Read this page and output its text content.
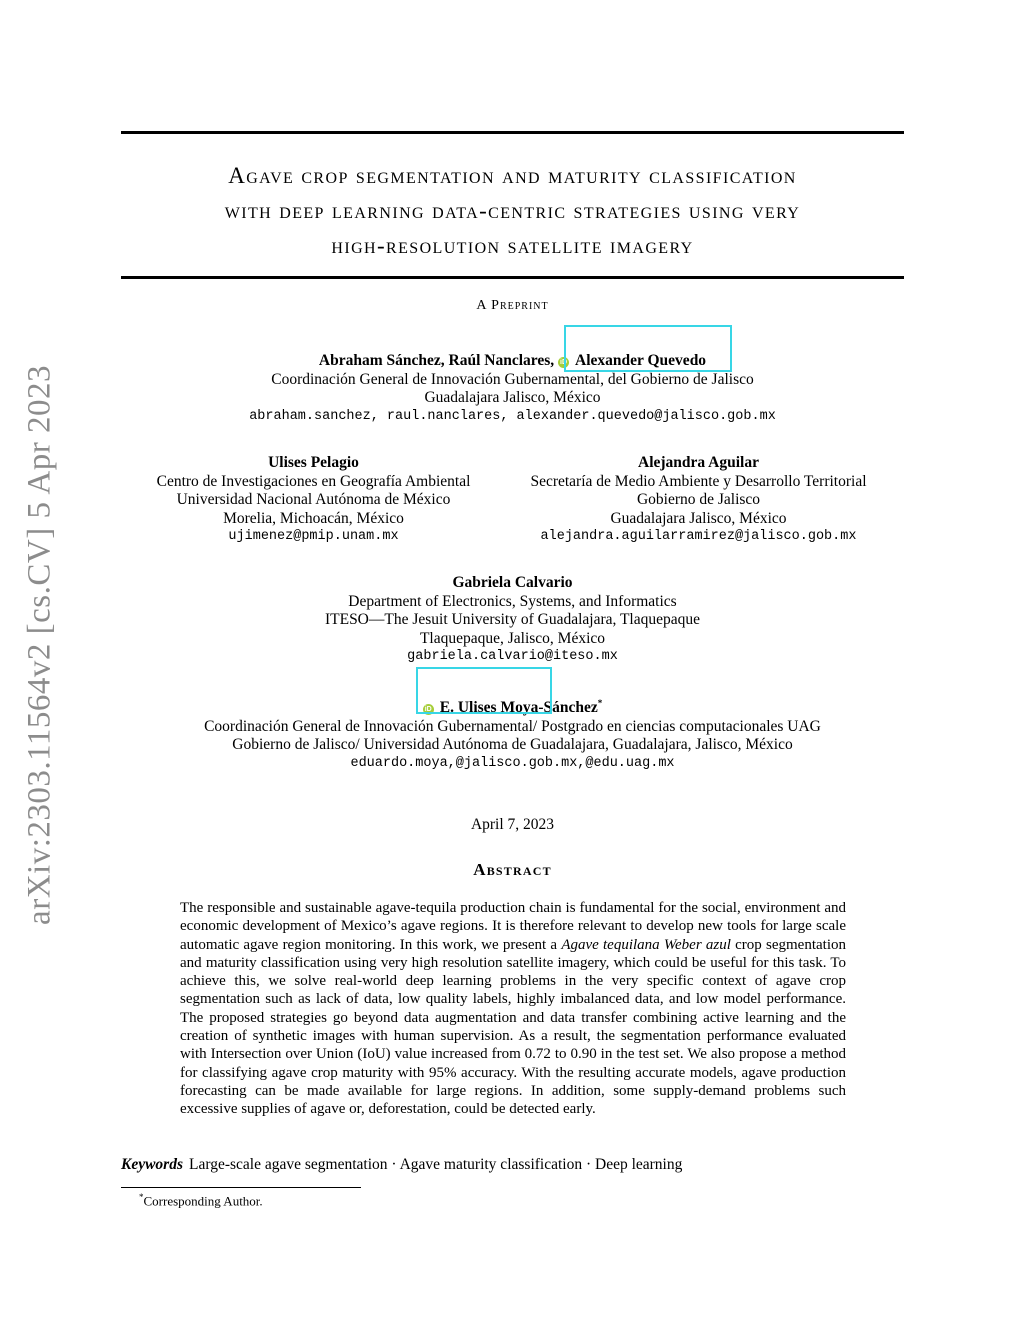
arXiv:2303.11564v2 [cs.CV] 5 Apr 2023
Agave crop segmentation and maturity classification
with deep learning data-centric strategies using very
high-resolution satellite imagery
A Preprint
Abraham Sánchez, Raúl Nanclares, iD Alexander Quevedo
Coordinación General de Innovación Gubernamental, del Gobierno de Jalisco
Guadalajara Jalisco, México
abraham.sanchez, raul.nanclares, alexander.quevedo@jalisco.gob.mx
Ulises Pelagio
Centro de Investigaciones en Geografía Ambiental
Universidad Nacional Autónoma de México
Morelia, Michoacán, México
ujimenez@pmip.unam.mx
Alejandra Aguilar
Secretaría de Medio Ambiente y Desarrollo Territorial
Gobierno de Jalisco
Guadalajara Jalisco, México
alejandra.aguilarramirez@jalisco.gob.mx
Gabriela Calvario
Department of Electronics, Systems, and Informatics
ITESO—The Jesuit University of Guadalajara, Tlaquepaque
Tlaquepaque, Jalisco, México
gabriela.calvario@iteso.mx
iD E. Ulises Moya-Sánchez*
Coordinación General de Innovación Gubernamental/ Postgrado en ciencias computacionales UAG
Gobierno de Jalisco/ Universidad Autónoma de Guadalajara, Guadalajara, Jalisco, México
eduardo.moya,@jalisco.gob.mx,@edu.uag.mx
April 7, 2023
Abstract
The responsible and sustainable agave-tequila production chain is fundamental for the social, environment and economic development of Mexico’s agave regions. It is therefore relevant to develop new tools for large scale automatic agave region monitoring. In this work, we present a Agave tequilana Weber azul crop segmentation and maturity classification using very high resolution satellite imagery, which could be useful for this task. To achieve this, we solve real-world deep learning problems in the very specific context of agave crop segmentation such as lack of data, low quality labels, highly imbalanced data, and low model performance. The proposed strategies go beyond data augmentation and data transfer combining active learning and the creation of synthetic images with human supervision. As a result, the segmentation performance evaluated with Intersection over Union (IoU) value increased from 0.72 to 0.90 in the test set. We also propose a method for classifying agave crop maturity with 95% accuracy. With the resulting accurate models, agave production forecasting can be made available for large regions. In addition, some supply-demand problems such excessive supplies of agave or, deforestation, could be detected early.
Keywords Large-scale agave segmentation · Agave maturity classification · Deep learning
*Corresponding Author.
